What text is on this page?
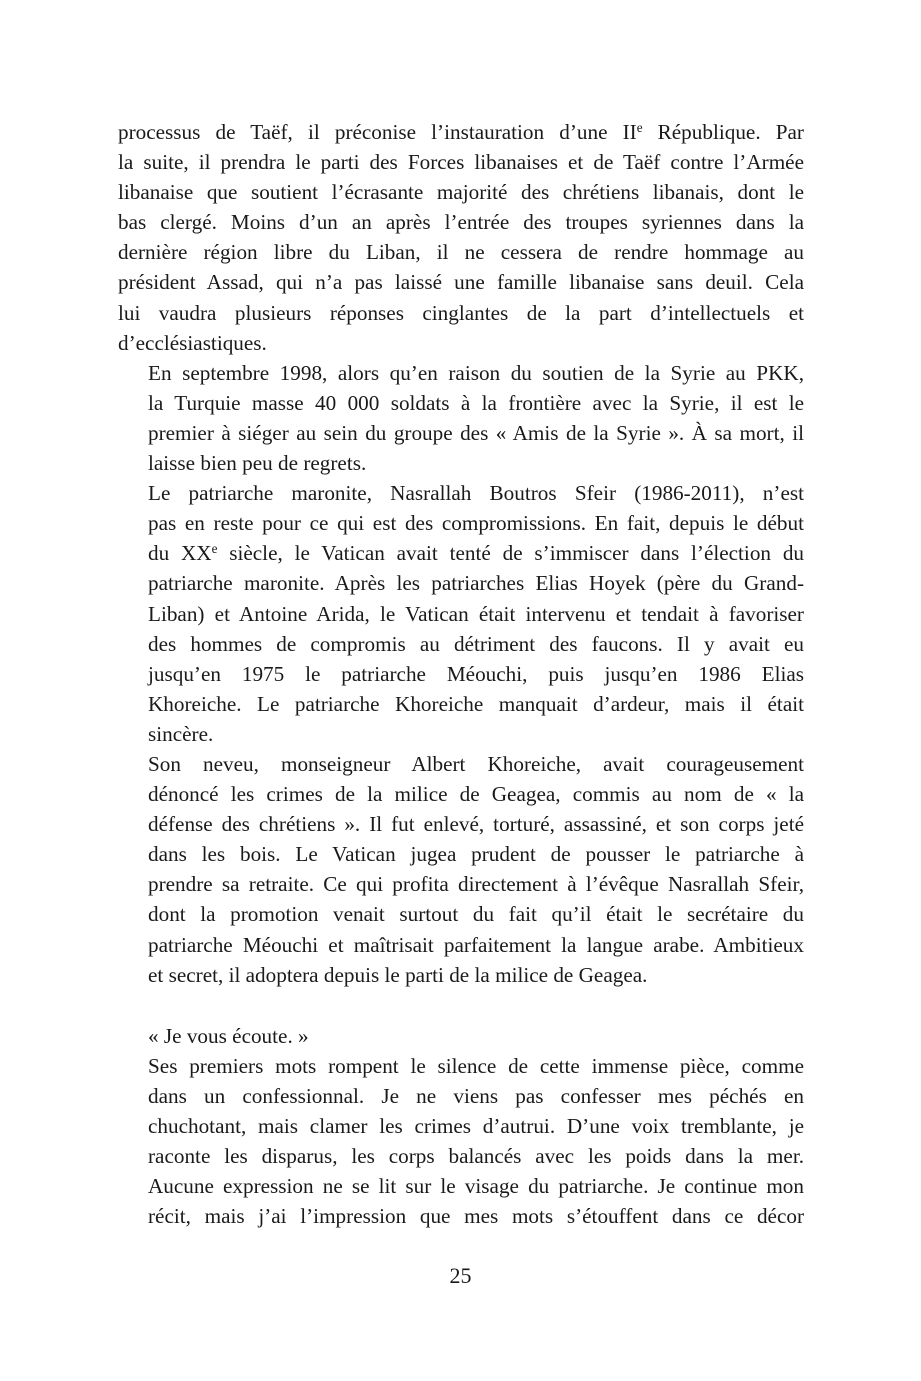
processus de Taëf, il préconise l’instauration d’une IIe République. Par
la suite, il prendra le parti des Forces libanaises et de Taëf contre l’Armée
libanaise que soutient l’écrasante majorité des chrétiens libanais, dont le
bas clergé. Moins d’un an après l’entrée des troupes syriennes dans la
dernière région libre du Liban, il ne cessera de rendre hommage au
président Assad, qui n’a pas laissé une famille libanaise sans deuil. Cela
lui vaudra plusieurs réponses cinglantes de la part d’intellectuels et
d’ecclésiastiques.
En septembre 1998, alors qu’en raison du soutien de la Syrie au PKK,
la Turquie masse 40 000 soldats à la frontière avec la Syrie, il est le
premier à siéger au sein du groupe des « Amis de la Syrie ». À sa mort, il
laisse bien peu de regrets.
Le patriarche maronite, Nasrallah Boutros Sfeir (1986-2011), n’est
pas en reste pour ce qui est des compromissions. En fait, depuis le début
du XXe siècle, le Vatican avait tenté de s’immiscer dans l’élection du
patriarche maronite. Après les patriarches Elias Hoyek (père du Grand-
Liban) et Antoine Arida, le Vatican était intervenu et tendait à favoriser
des hommes de compromis au détriment des faucons. Il y avait eu
jusqu’en 1975 le patriarche Méouchi, puis jusqu’en 1986 Elias
Khoreiche. Le patriarche Khoreiche manquait d’ardeur, mais il était
sincère.
Son neveu, monseigneur Albert Khoreiche, avait courageusement
dénoncé les crimes de la milice de Geagea, commis au nom de « la
défense des chrétiens ». Il fut enlevé, torturé, assassiné, et son corps jeté
dans les bois. Le Vatican jugea prudent de pousser le patriarche à
prendre sa retraite. Ce qui profita directement à l’évêque Nasrallah Sfeir,
dont la promotion venait surtout du fait qu’il était le secrétaire du
patriarche Méouchi et maîtrisait parfaitement la langue arabe. Ambitieux
et secret, il adoptera depuis le parti de la milice de Geagea.
« Je vous écoute. »
Ses premiers mots rompent le silence de cette immense pièce, comme
dans un confessionnal. Je ne viens pas confesser mes péchés en
chuchotant, mais clamer les crimes d’autrui. D’une voix tremblante, je
raconte les disparus, les corps balancés avec les poids dans la mer.
Aucune expression ne se lit sur le visage du patriarche. Je continue mon
récit, mais j’ai l’impression que mes mots s’étouffent dans ce décor
25
